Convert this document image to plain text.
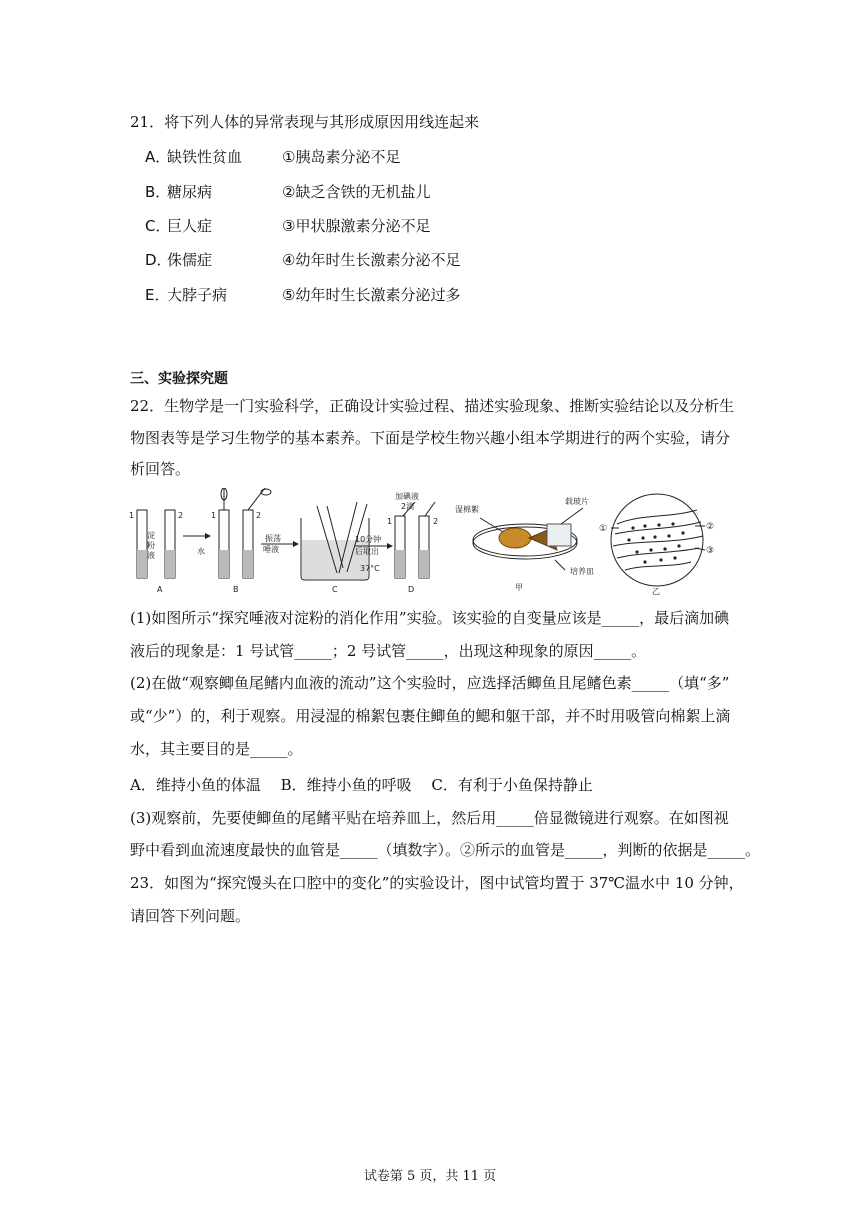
21．将下列人体的异常表现与其形成原因用线连起来
A．缺铁性贫血	①胰岛素分泌不足
B．糖尿病	②缺乏含铁的无机盐儿
C．巨人症	③甲状腺激素分泌不足
D．侏儒症	④幼年时生长激素分泌不足
E．大脖子病	⑤幼年时生长激素分泌过多
三、实验探究题
22．生物学是一门实验科学，正确设计实验过程、描述实验现象、推断实验结论以及分析生
物图表等是学习生物学的基本素养。下面是学校生物兴趣小组本学期进行的两个实验，请分
析回答。
1
淀
粉
液
2
A
1	2
水
B
振荡
唾液
C
10分钟
后取出
37°C
加碘液
2滴
1	2
D
湿棉絮
载玻片
培养皿
甲
①	②
③
乙
(1)如图所示“探究唾液对淀粉的消化作用”实验。该实验的自变量应该是_____，最后滴加碘
液后的现象是：1 号试管_____；2 号试管_____，出现这种现象的原因_____。
(2)在做“观察鲫鱼尾鳍内血液的流动”这个实验时，应选择活鲫鱼且尾鳍色素_____（填“多”
或“少”）的，利于观察。用浸湿的棉絮包裹住鲫鱼的鳃和躯干部，并不时用吸管向棉絮上滴
水，其主要目的是_____。
A．维持小鱼的体温　 B．维持小鱼的呼吸　 C．有利于小鱼保持静止
(3)观察前，先要使鲫鱼的尾鳍平贴在培养皿上，然后用_____倍显微镜进行观察。在如图视
野中看到血流速度最快的血管是_____（填数字）。②所示的血管是_____，判断的依据是_____。
23．如图为“探究馒头在口腔中的变化”的实验设计，图中试管均置于 37℃温水中 10 分钟，
请回答下列问题。
试卷第 5 页，共 11 页
